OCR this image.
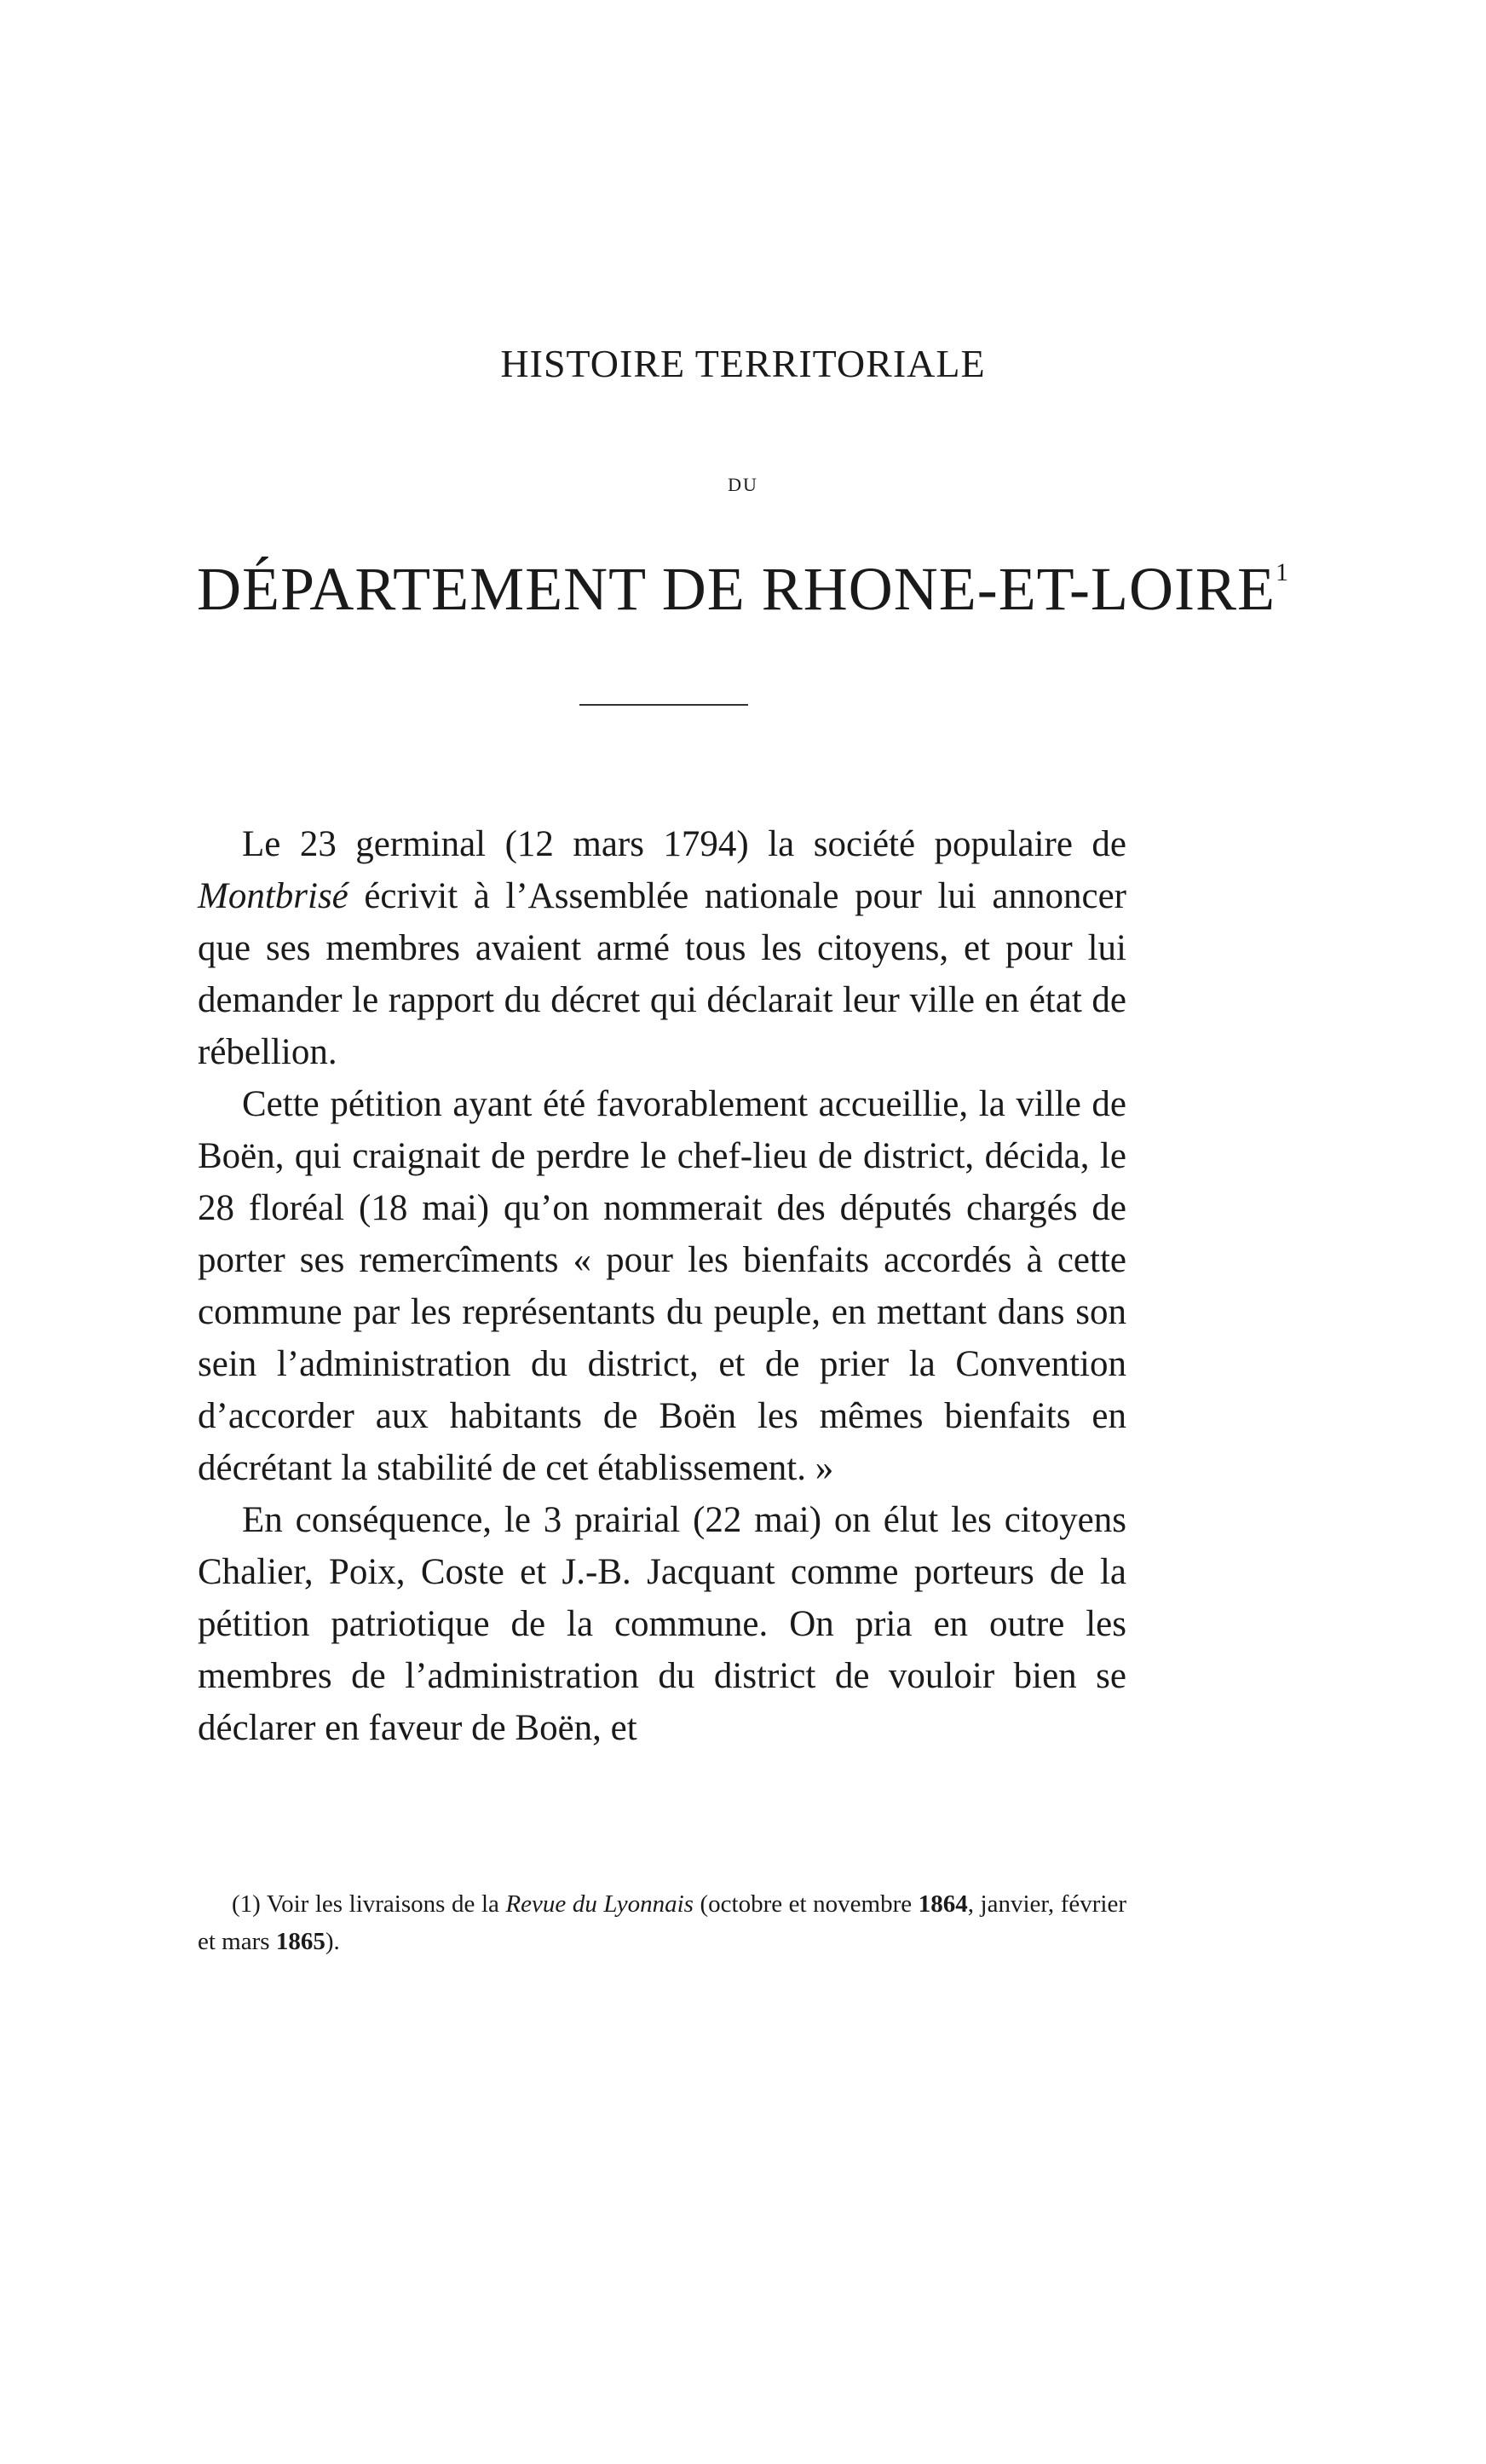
HISTOIRE TERRITORIALE
DU
DÉPARTEMENT DE RHONE-ET-LOIRE$^1$

Le 23 germinal (12 mars 1794) la société populaire de Montbrisé écrivit à l’Assemblée nationale pour lui annoncer que ses membres avaient armé tous les citoyens, et pour lui demander le rapport du décret qui déclarait leur ville en état de rébellion.

Cette pétition ayant été favorablement accueillie, la ville de Boën, qui craignait de perdre le chef-lieu de district, décida, le 28 floréal (18 mai) qu’on nommerait des députés chargés de porter ses remercîments « pour les bienfaits accordés à cette commune par les représentants du peuple, en mettant dans son sein l’administration du district, et de prier la Convention d’accorder aux habitants de Boën les mêmes bienfaits en décrétant la stabilité de cet établissement. »

En conséquence, le 3 prairial (22 mai) on élut les citoyens Chalier, Poix, Coste et J.-B. Jacquant comme porteurs de la pétition patriotique de la commune. On pria en outre les membres de l’administration du district de vouloir bien se déclarer en faveur de Boën, et

(1) Voir les livraisons de la Revue du Lyonnais (octobre et novembre 1864, janvier, février et mars 1865).
